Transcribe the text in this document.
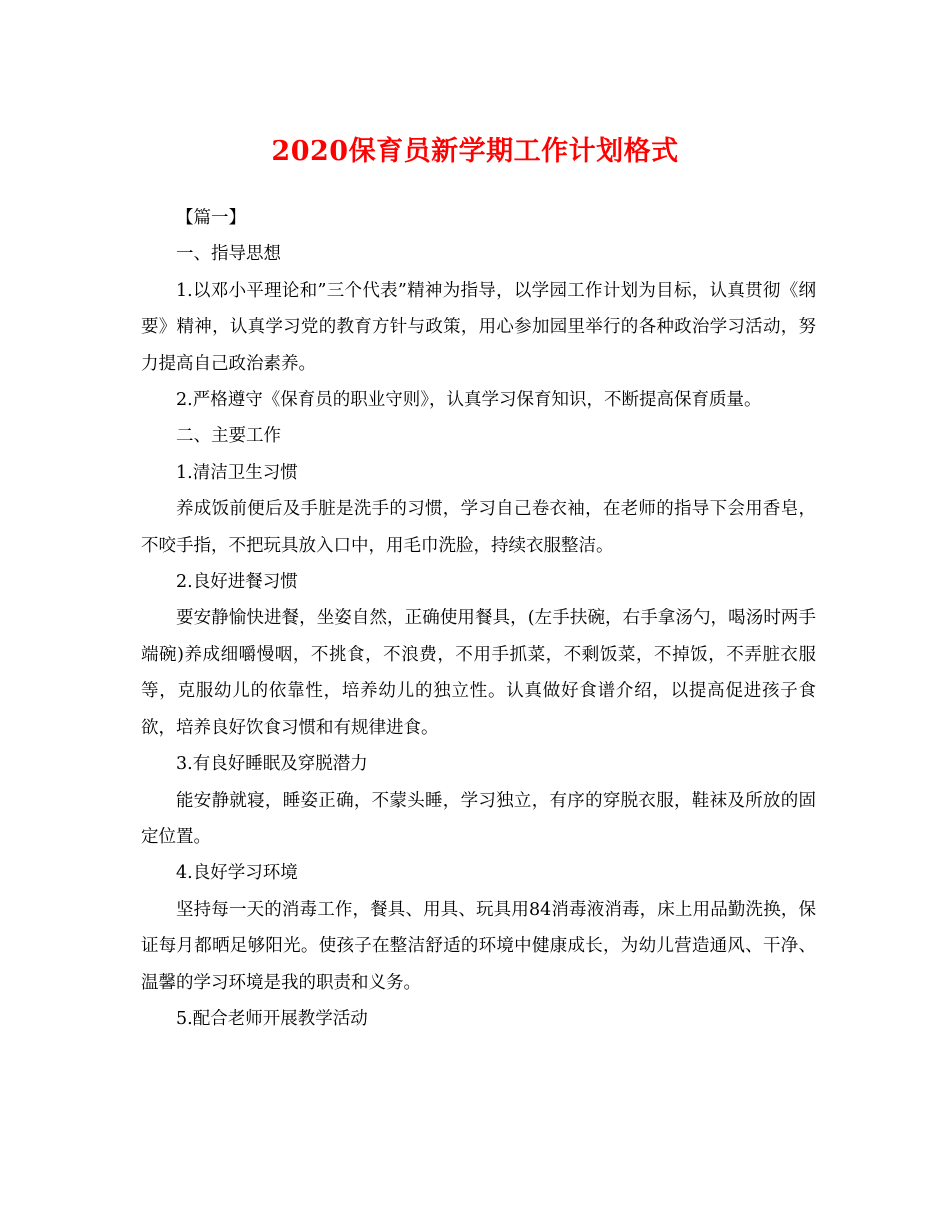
2020保育员新学期工作计划格式

【篇一】

一、指导思想

1.以邓小平理论和”三个代表”精神为指导，以学园工作计划为目标，认真贯彻《纲要》精神，认真学习党的教育方针与政策，用心参加园里举行的各种政治学习活动，努力提高自己政治素养。

2.严格遵守《保育员的职业守则》，认真学习保育知识，不断提高保育质量。

二、主要工作

1.清洁卫生习惯

养成饭前便后及手脏是洗手的习惯，学习自己卷衣袖，在老师的指导下会用香皂，不咬手指，不把玩具放入口中，用毛巾洗脸，持续衣服整洁。

2.良好进餐习惯

要安静愉快进餐，坐姿自然，正确使用餐具，(左手扶碗，右手拿汤勺，喝汤时两手端碗)养成细嚼慢咽，不挑食，不浪费，不用手抓菜，不剩饭菜，不掉饭，不弄脏衣服等，克服幼儿的依靠性，培养幼儿的独立性。认真做好食谱介绍，以提高促进孩子食欲，培养良好饮食习惯和有规律进食。

3.有良好睡眠及穿脱潜力

能安静就寝，睡姿正确，不蒙头睡，学习独立，有序的穿脱衣服，鞋袜及所放的固定位置。

4.良好学习环境

坚持每一天的消毒工作，餐具、用具、玩具用84消毒液消毒，床上用品勤洗换，保证每月都晒足够阳光。使孩子在整洁舒适的环境中健康成长，为幼儿营造通风、干净、温馨的学习环境是我的职责和义务。

5.配合老师开展教学活动
